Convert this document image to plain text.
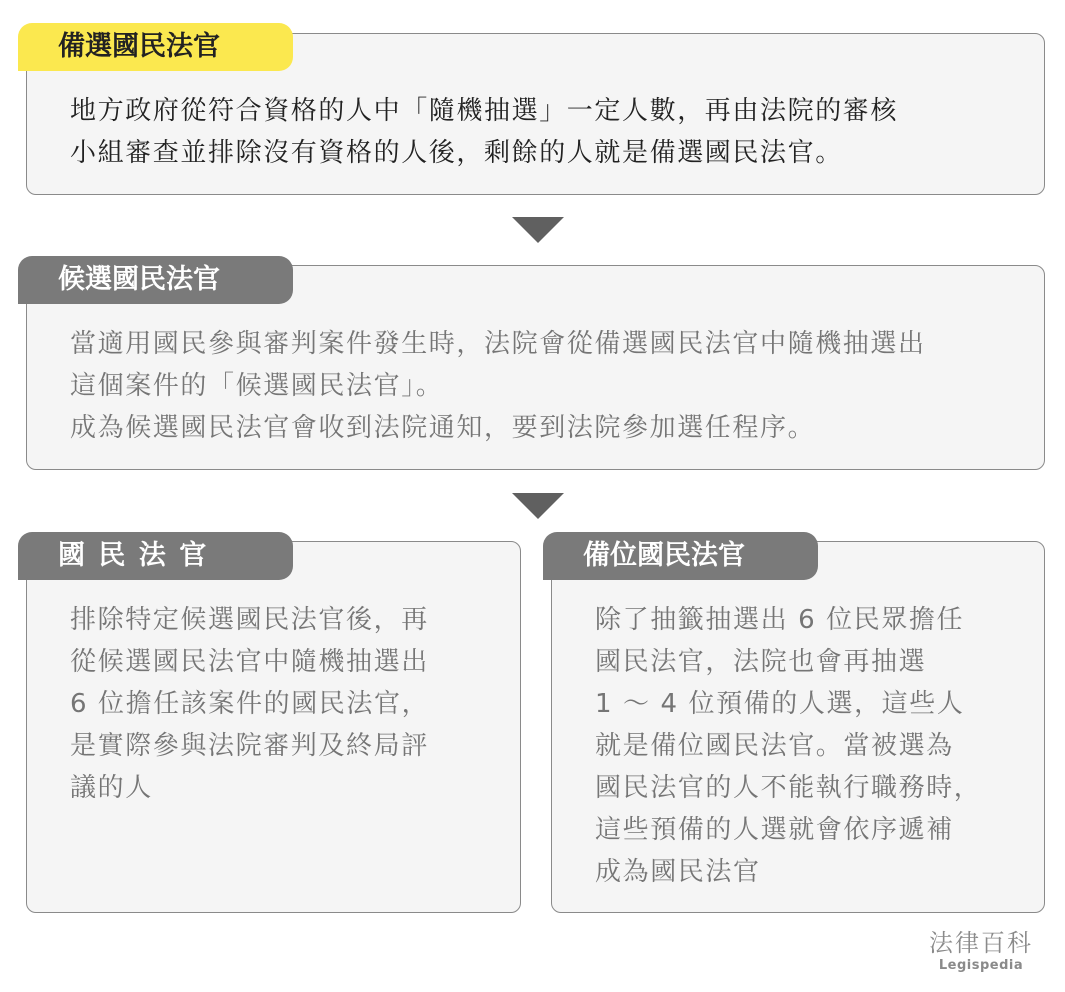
備選國民法官

地方政府從符合資格的人中「隨機抽選」一定人數，再由法院的審核

小組審查並排除沒有資格的人後，剩餘的人就是備選國民法官。

候選國民法官

當適用國民參與審判案件發生時，法院會從備選國民法官中隨機抽選出

這個案件的「候選國民法官」。

成為候選國民法官會收到法院通知，要到法院參加選任程序。

國 民 法 官

排除特定候選國民法官後，再

從候選國民法官中隨機抽選出

6 位擔任該案件的國民法官，

是實際參與法院審判及終局評

議的人

備位國民法官

除了抽籤抽選出 6 位民眾擔任

國民法官，法院也會再抽選

1 ～ 4 位預備的人選，這些人

就是備位國民法官。當被選為

國民法官的人不能執行職務時，

這些預備的人選就會依序遞補

成為國民法官

法律百科
Legispedia
